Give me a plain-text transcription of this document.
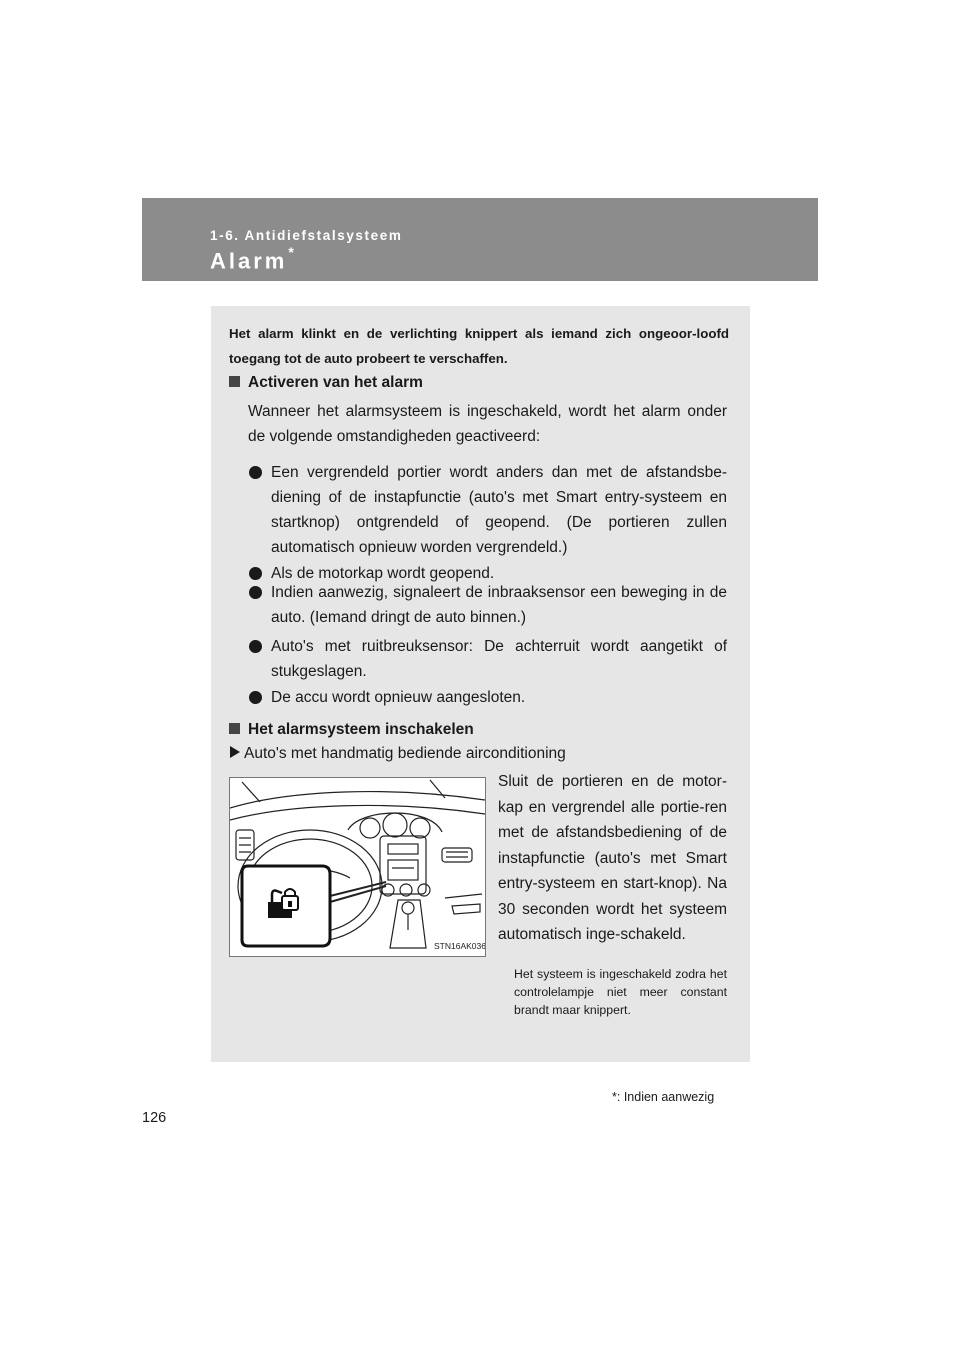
1-6. Antidiefstalsysteem
Alarm*
Het alarm klinkt en de verlichting knippert als iemand zich ongeoor-loofd toegang tot de auto probeert te verschaffen.
Activeren van het alarm
Wanneer het alarmsysteem is ingeschakeld, wordt het alarm onder de volgende omstandigheden geactiveerd:
Een vergrendeld portier wordt anders dan met de afstandsbe-diening of de instapfunctie (auto's met Smart entry-systeem en startknop) ontgrendeld of geopend. (De portieren zullen automatisch opnieuw worden vergrendeld.)
Als de motorkap wordt geopend.
Indien aanwezig, signaleert de inbraaksensor een beweging in de auto. (Iemand dringt de auto binnen.)
Auto's met ruitbreuksensor: De achterruit wordt aangetikt of stukgeslagen.
De accu wordt opnieuw aangesloten.
Het alarmsysteem inschakelen
Auto's met handmatig bediende airconditioning
STN16AK036
Sluit de portieren en de motor-kap en vergrendel alle portie-ren met de afstandsbediening of de instapfunctie (auto's met Smart entry-systeem en start-knop). Na 30 seconden wordt het systeem automatisch inge-schakeld.
Het systeem is ingeschakeld zodra het controlelampje niet meer constant brandt maar knippert.
*: Indien aanwezig
126
